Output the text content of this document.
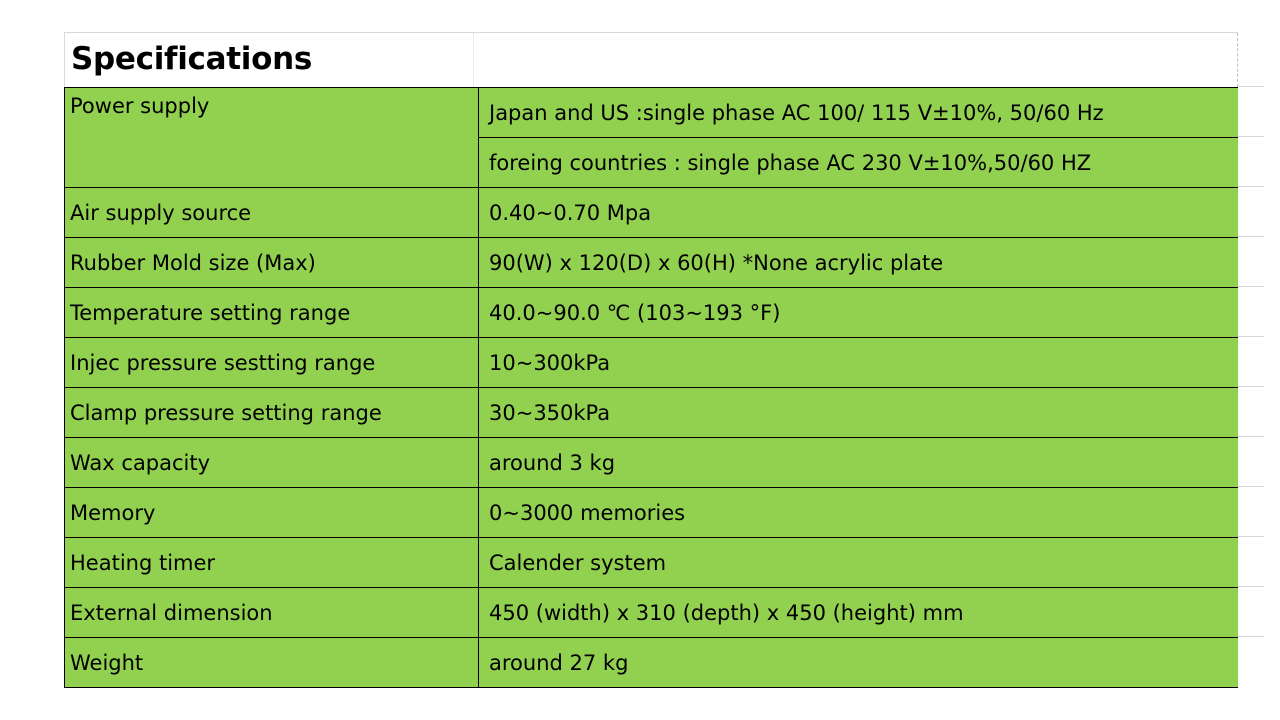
Specifications
Power supply	Japan and US :single phase AC 100/ 115 V±10%, 50/60 Hz
	foreing countries : single phase AC 230 V±10%,50/60 HZ
Air supply source	0.40~0.70 Mpa
Rubber Mold size (Max)	90(W) x 120(D) x 60(H) *None acrylic plate
Temperature setting range	40.0~90.0 ℃ (103~193 °F)
Injec pressure sestting range	10~300kPa
Clamp pressure setting range	30~350kPa
Wax capacity	around 3 kg
Memory	0~3000 memories
Heating timer	Calender system
External dimension	450 (width) x 310 (depth) x 450 (height) mm
Weight	around 27 kg
